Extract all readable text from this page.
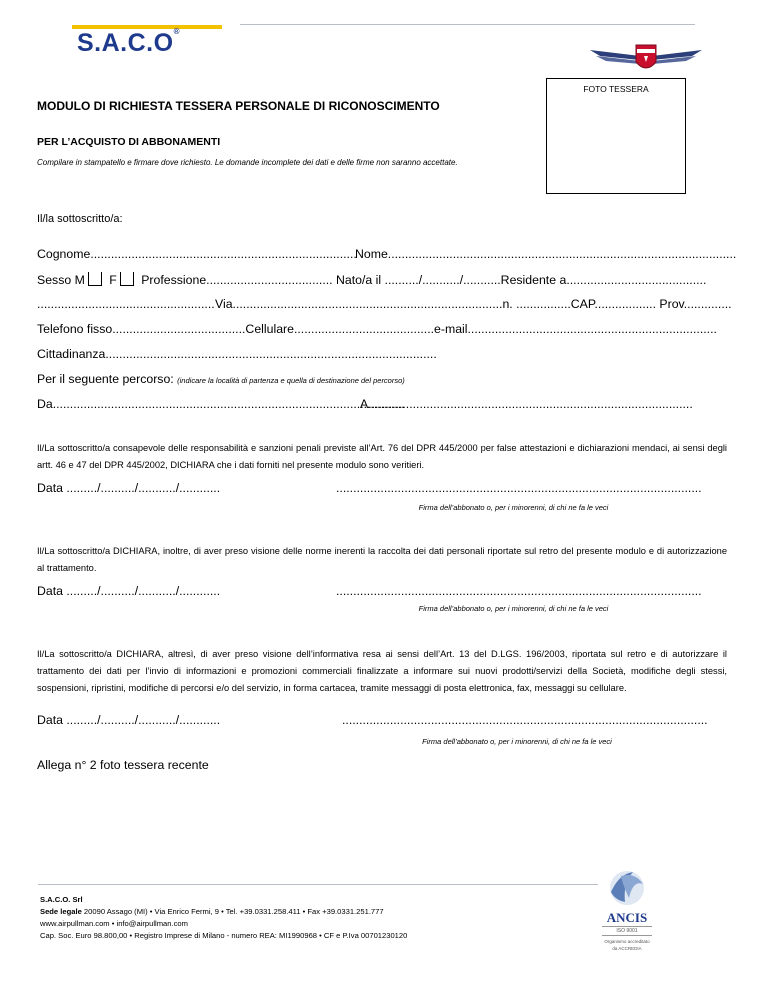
S.A.C.O®
FOTO TESSERA
MODULO DI RICHIESTA TESSERA PERSONALE DI RICONOSCIMENTO
PER L’ACQUISTO DI ABBONAMENTI
Compilare in stampatello e firmare dove richiesto. Le domande incomplete dei dati e delle firme non saranno accettate.
Il/la sottoscritto/a:
Cognome..............................................................................
Nome......................................................................................................
Sesso M F Professione..................................... Nato/a il ........../.........../...........Residente a.........................................
.................................................... Via...............................................................................n. ................CAP.................. Prov..............
Telefono fisso.......................................Cellulare.........................................e-mail.........................................................................
Cittadinanza.................................................................................................
Per il seguente percorso: (indicare la località di partenza e quella di destinazione del percorso)
Da.......................................................................................................
A...............................................................................................
Il/La sottoscritto/a consapevole delle responsabilità e sanzioni penali previste all’Art. 76 del DPR 445/2000 per false attestazioni e dichiarazioni mendaci, ai sensi degli artt. 46 e 47 del DPR 445/2002, DICHIARA che i dati forniti nel presente modulo sono veritieri.
Data ........./........../.........../............	...........................................................................................................
Firma dell’abbonato o, per i minorenni, di chi ne fa le veci
Il/La sottoscritto/a DICHIARA, inoltre, di aver preso visione delle norme inerenti la raccolta dei dati personali riportate sul retro del presente modulo e di autorizzazione al trattamento.
Data ........./........../.........../............	...........................................................................................................
Firma dell’abbonato o, per i minorenni, di chi ne fa le veci
Il/La sottoscritto/a DICHIARA, altresì, di aver preso visione dell’informativa resa ai sensi dell’Art. 13 del D.LGS. 196/2003, riportata sul retro e di autorizzare il trattamento dei dati per l’invio di informazioni e promozioni commerciali finalizzate a informare sui nuovi prodotti/servizi della Società, modifiche degli stessi, sospensioni, ripristini, modifiche di percorsi e/o del servizio, in forma cartacea, tramite messaggi di posta elettronica, fax, messaggi su cellulare.
Data ........./........../.........../............	...........................................................................................................
Firma dell’abbonato o, per i minorenni, di chi ne fa le veci
Allega n° 2 foto tessera recente
S.A.C.O. Srl
Sede legale 20090 Assago (MI) • Via Enrico Fermi, 9 • Tel. +39.0331.258.411 • Fax +39.0331.251.777
www.airpullman.com • info@airpullman.com
Cap. Soc. Euro 98.800,00 • Registro Imprese di Milano - numero REA: MI1990968 • CF e P.Iva 00701230120
ANCIS
ISO 9001
Organismo accreditato
da ACCREDIA
